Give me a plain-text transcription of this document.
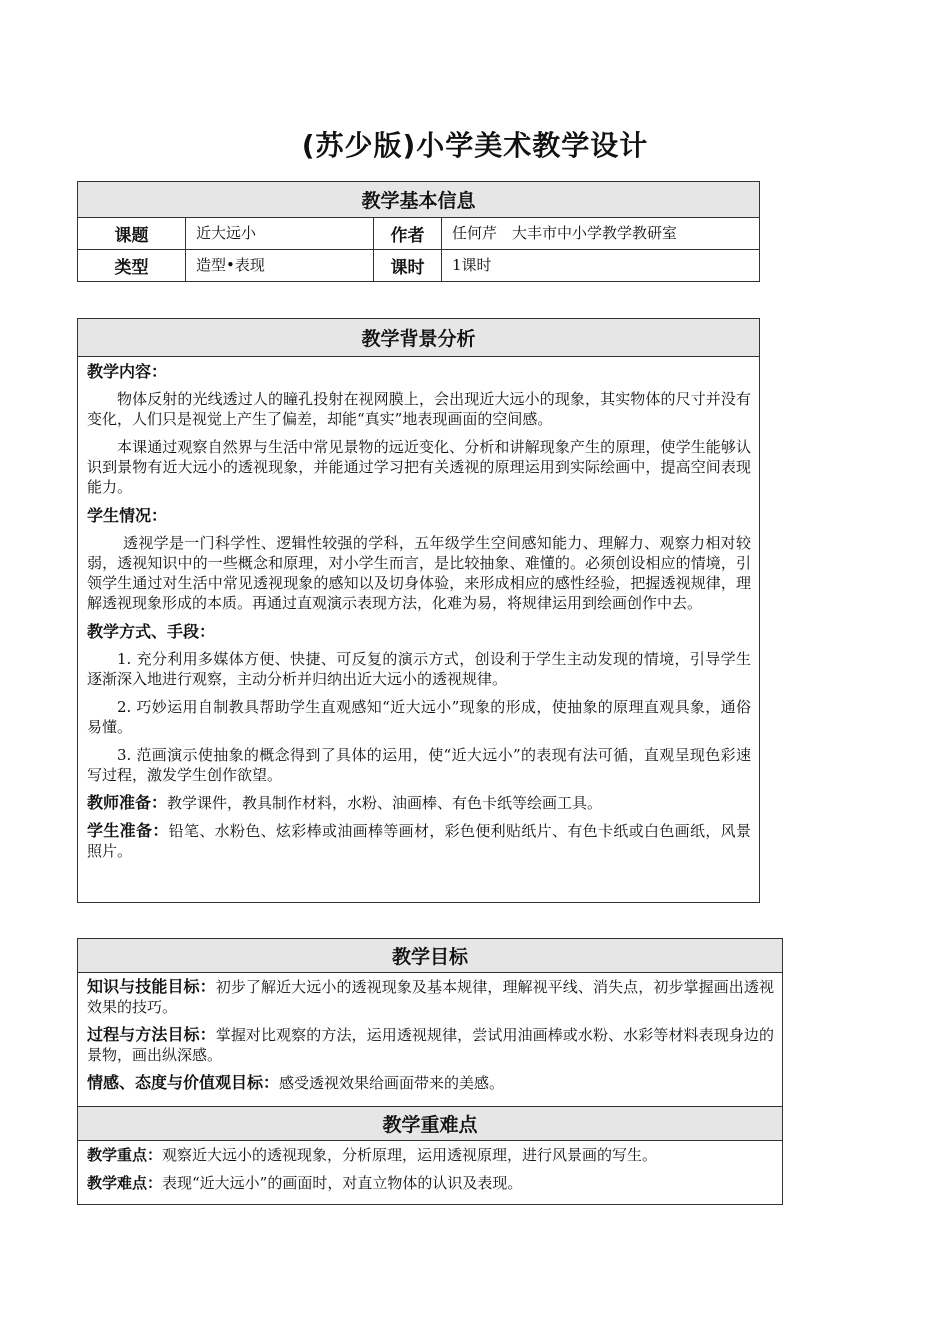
(苏少版)小学美术教学设计
教学基本信息			
课题	近大远小	作者	任何芹　大丰市中小学教学教研室
类型	造型•表现	课时	1课时
教学背景分析

教学内容：

物体反射的光线透过人的瞳孔投射在视网膜上，会出现近大远小的现象，其实物体的尺寸并没有变化，人们只是视觉上产生了偏差，却能“真实”地表现画面的空间感。

本课通过观察自然界与生活中常见景物的远近变化、分析和讲解现象产生的原理，使学生能够认识到景物有近大远小的透视现象，并能通过学习把有关透视的原理运用到实际绘画中，提高空间表现能力。

学生情况：

透视学是一门科学性、逻辑性较强的学科，五年级学生空间感知能力、理解力、观察力相对较弱，透视知识中的一些概念和原理，对小学生而言，是比较抽象、难懂的。必须创设相应的情境，引领学生通过对生活中常见透视现象的感知以及切身体验，来形成相应的感性经验，把握透视规律，理解透视现象形成的本质。再通过直观演示表现方法，化难为易，将规律运用到绘画创作中去。

教学方式、手段：

1. 充分利用多媒体方便、快捷、可反复的演示方式，创设利于学生主动发现的情境，引导学生逐渐深入地进行观察，主动分析并归纳出近大远小的透视规律。

2. 巧妙运用自制教具帮助学生直观感知“近大远小”现象的形成，使抽象的原理直观具象，通俗易懂。

3. 范画演示使抽象的概念得到了具体的运用，使“近大远小”的表现有法可循，直观呈现色彩速写过程，激发学生创作欲望。

教师准备：教学课件，教具制作材料，水粉、油画棒、有色卡纸等绘画工具。

学生准备：铅笔、水粉色、炫彩棒或油画棒等画材，彩色便利贴纸片、有色卡纸或白色画纸，风景照片。

教学目标

知识与技能目标：初步了解近大远小的透视现象及基本规律，理解视平线、消失点，初步掌握画出透视效果的技巧。

过程与方法目标：掌握对比观察的方法，运用透视规律，尝试用油画棒或水粉、水彩等材料表现身边的景物，画出纵深感。

情感、态度与价值观目标：感受透视效果给画面带来的美感。

教学重难点

教学重点：观察近大远小的透视现象，分析原理，运用透视原理，进行风景画的写生。

教学难点：表现“近大远小”的画面时，对直立物体的认识及表现。
